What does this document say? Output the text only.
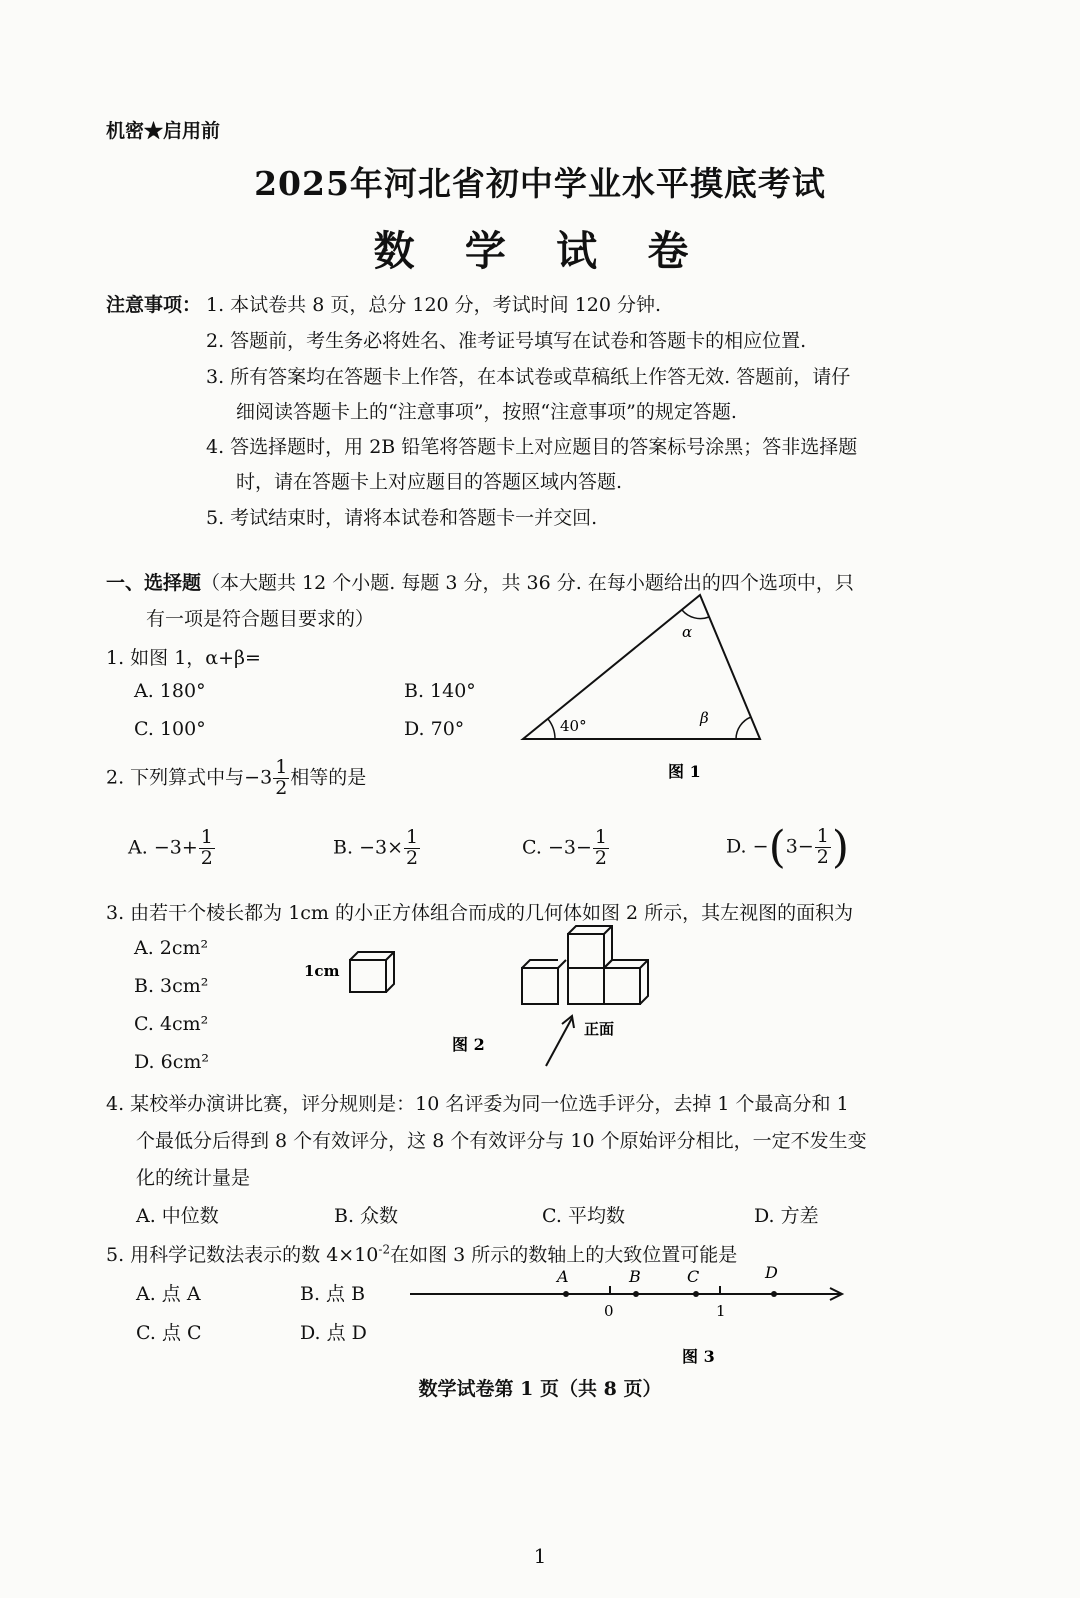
机密★启用前
2025年河北省初中学业水平摸底考试
数 学 试 卷
注意事项： 1. 本试卷共 8 页，总分 120 分，考试时间 120 分钟.
2. 答题前，考生务必将姓名、准考证号填写在试卷和答题卡的相应位置.
3. 所有答案均在答题卡上作答，在本试卷或草稿纸上作答无效. 答题前，请仔
细阅读答题卡上的“注意事项”，按照“注意事项”的规定答题.
4. 答选择题时，用 2B 铅笔将答题卡上对应题目的答案标号涂黑；答非选择题
时，请在答题卡上对应题目的答题区域内答题.
5. 考试结束时，请将本试卷和答题卡一并交回.
一、选择题（本大题共 12 个小题. 每题 3 分，共 36 分. 在每小题给出的四个选项中，只
有一项是符合题目要求的）
1. 如图 1，α+β=
A. 180°	B. 140°
C. 100°	D. 70°
α
40°	β
图 1
2. 下列算式中与$-3 \frac{1}{2}$ 相等的是
A. $-3+ \frac{1}{2}$	B. $-3\times \frac{1}{2}$	C. $-3- \frac{1}{2}$	D. $-(3- \frac{1}{2}$ )
3. 由若干个棱长都为 1cm 的小正方体组合而成的几何体如图 2 所示，其左视图的面积为
A. 2cm²
B. 3cm²
C. 4cm²
D. 6cm²
1cm
正面
图 2
4. 某校举办演讲比赛，评分规则是：10 名评委为同一位选手评分，去掉 1 个最高分和 1
个最低分后得到 8 个有效评分，这 8 个有效评分与 10 个原始评分相比，一定不发生变
化的统计量是
A. 中位数	B. 众数	C. 平均数	D. 方差
5. 用科学记数法表示的数 $4\times 10^{-2}$在如图 3 所示的数轴上的大致位置可能是
A. 点 A	B. 点 B
C. 点 C	D. 点 D
A	B	C	D
0	1
图 3
数学试卷第 1 页（共 8 页）
1
